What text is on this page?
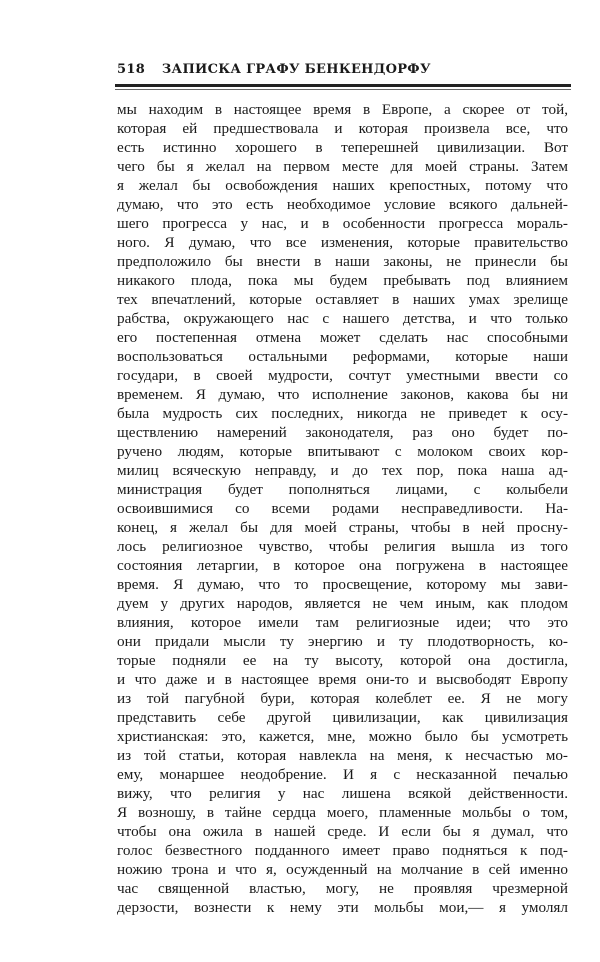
518 ЗАПИСКА ГРАФУ БЕНКЕНДОРФУ
мы находим в настоящее время в Европе, а скорее от той,
которая ей предшествовала и которая произвела все, что
есть истинно хорошего в теперешней цивилизации. Вот
чего бы я желал на первом месте для моей страны. Затем
я желал бы освобождения наших крепостных, потому что
думаю, что это есть необходимое условие всякого дальней-
шего прогресса у нас, и в особенности прогресса мораль-
ного. Я думаю, что все изменения, которые правительство
предположило бы внести в наши законы, не принесли бы
никакого плода, пока мы будем пребывать под влиянием
тех впечатлений, которые оставляет в наших умах зрелище
рабства, окружающего нас с нашего детства, и что только
его постепенная отмена может сделать нас способными
воспользоваться остальными реформами, которые наши
государи, в своей мудрости, сочтут уместными ввести со
временем. Я думаю, что исполнение законов, какова бы ни
была мудрость сих последних, никогда не приведет к осу-
ществлению намерений законодателя, раз оно будет по-
ручено людям, которые впитывают с молоком своих кор-
милиц всяческую неправду, и до тех пор, пока наша ад-
министрация будет пополняться лицами, с колыбели
освоившимися со всеми родами несправедливости. На-
конец, я желал бы для моей страны, чтобы в ней просну-
лось религиозное чувство, чтобы религия вышла из того
состояния летаргии, в которое она погружена в настоящее
время. Я думаю, что то просвещение, которому мы зави-
дуем у других народов, является не чем иным, как плодом
влияния, которое имели там религиозные идеи; что это
они придали мысли ту энергию и ту плодотворность, ко-
торые подняли ее на ту высоту, которой она достигла,
и что даже и в настоящее время они-то и высвободят Европу
из той пагубной бури, которая колеблет ее. Я не могу
представить себе другой цивилизации, как цивилизация
христианская: это, кажется, мне, можно было бы усмотреть
из той статьи, которая навлекла на меня, к несчастью мо-
ему, монаршее неодобрение. И я с несказанной печалью
вижу, что религия у нас лишена всякой действенности.
Я возношу, в тайне сердца моего, пламенные мольбы о том,
чтобы она ожила в нашей среде. И если бы я думал, что
голос безвестного подданного имеет право подняться к под-
ножию трона и что я, осужденный на молчание в сей именно
час священной властью, могу, не проявляя чрезмерной
дерзости, вознести к нему эти мольбы мои,— я умолял
